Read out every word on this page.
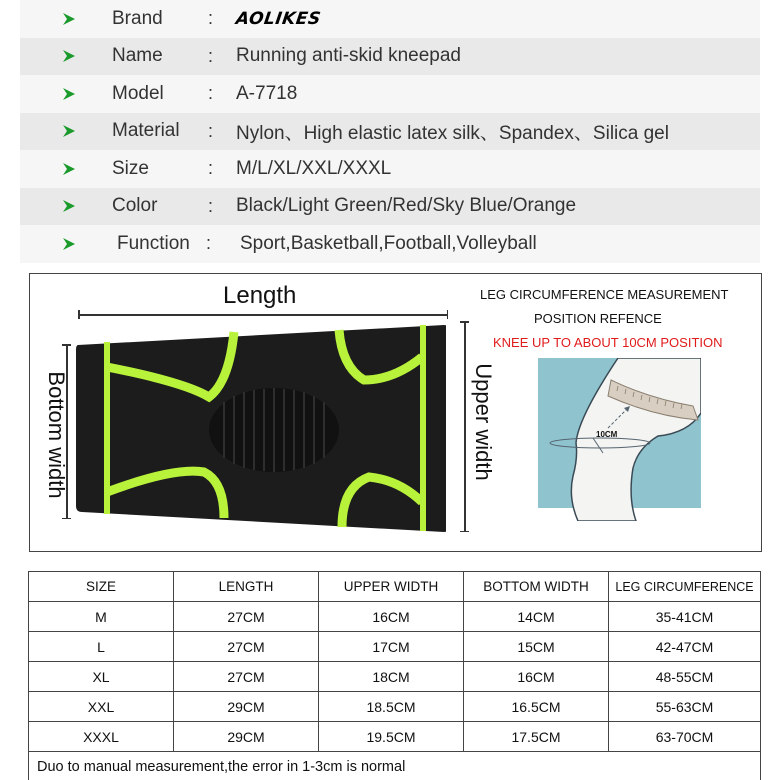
Brand	: AOLIKES
Name	: Running anti-skid kneepad
Model : A-7718
Material : Nylon、High elastic latex silk、Spandex、Silica gel
Size	: M/L/XL/XXL/XXXL
Color	: Black/Light Green/Red/Sky Blue/Orange
Function : Sport,Basketball,Football,Volleyball
Length
Bottom width	Upper width
LEG CIRCUMFERENCE MEASUREMENT
POSITION REFENCE
KNEE UP TO ABOUT 10CM POSITION
10CM
SIZE	LENGTH	UPPER WIDTH	BOTTOM WIDTH	LEG CIRCUMFERENCE
M	27CM	16CM	14CM	35-41CM
L	27CM	17CM	15CM	42-47CM
XL	27CM	18CM	16CM	48-55CM
XXL	29CM	18.5CM	16.5CM	55-63CM
XXXL	29CM	19.5CM	17.5CM	63-70CM
Duo to manual measurement,the error in 1-3cm is normal				
